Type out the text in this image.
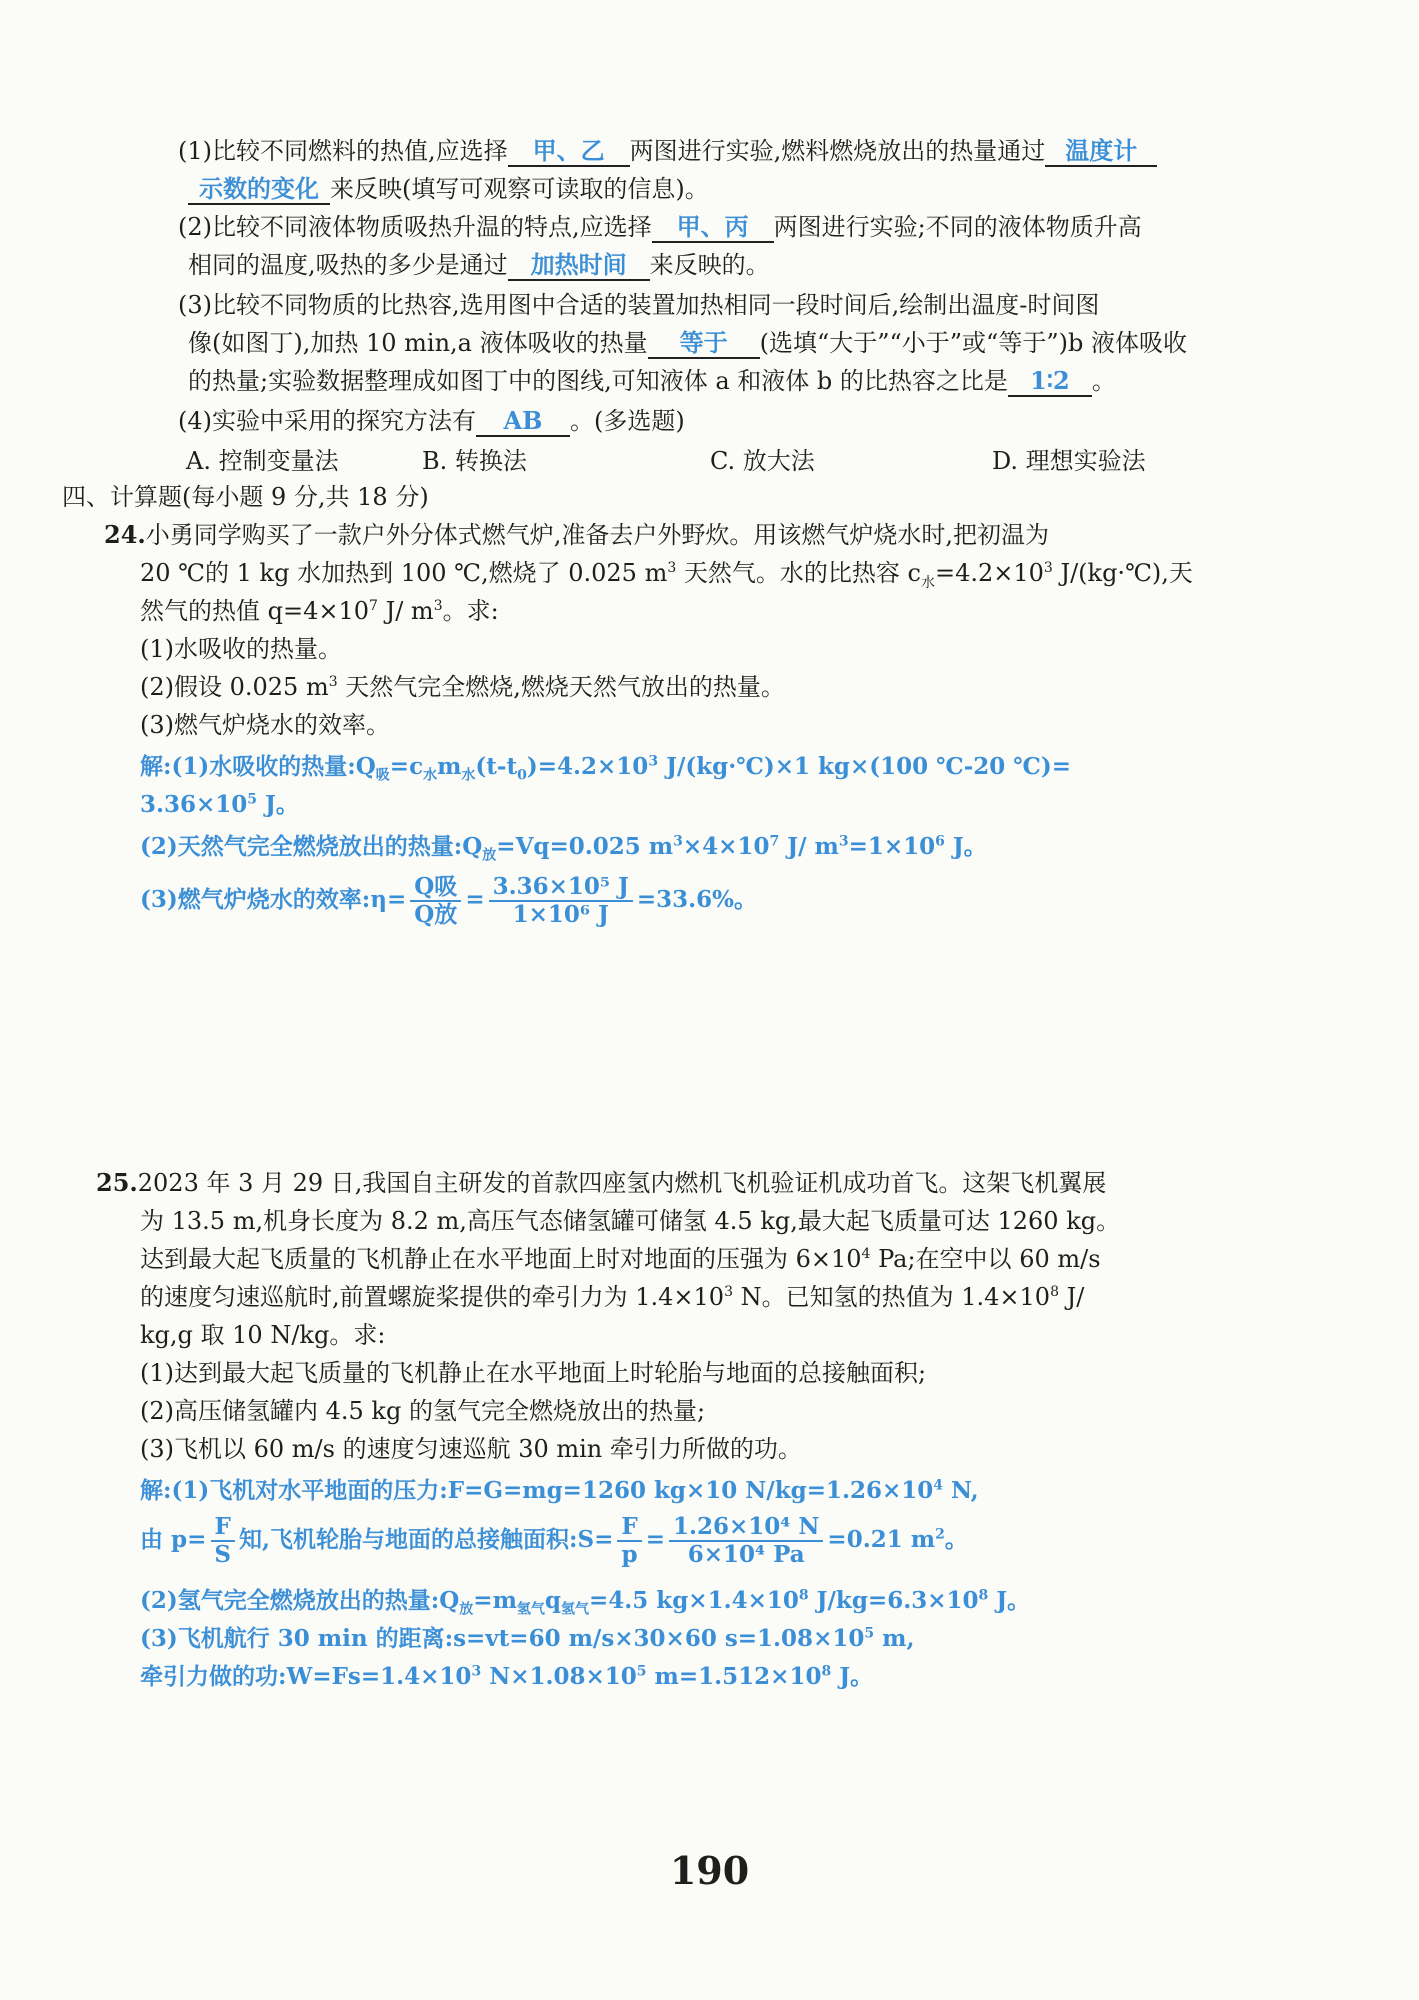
(1)比较不同燃料的热值,应选择 甲、乙 两图进行实验,燃料燃烧放出的热量通过 温度计
示数的变化 来反映(填写可观察可读取的信息)。
(2)比较不同液体物质吸热升温的特点,应选择 甲、丙 两图进行实验;不同的液体物质升高
相同的温度,吸热的多少是通过 加热时间 来反映的。
(3)比较不同物质的比热容,选用图中合适的装置加热相同一段时间后,绘制出温度-时间图
像(如图丁),加热 10 min,a 液体吸收的热量 等于 (选填“大于”“小于”或“等于”)b 液体吸收
的热量;实验数据整理成如图丁中的图线,可知液体 a 和液体 b 的比热容之比是 1∶2 。
(4)实验中采用的探究方法有 AB 。(多选题)
A. 控制变量法	B. 转换法	C. 放大法	D. 理想实验法
四、计算题(每小题 9 分,共 18 分)
24.小勇同学购买了一款户外分体式燃气炉,准备去户外野炊。用该燃气炉烧水时,把初温为
20 ℃的 1 kg 水加热到 100 ℃,燃烧了 0.025 $m^3$ 天然气。水的比热容 $c_水=4.2\times 10^3$ J/(kg·℃),天
然气的热值 $q=4\times 10^7$ J/ $m^3$。求:
(1)水吸收的热量。
(2)假设 0.025 $m^3$ 天然气完全燃烧,燃烧天然气放出的热量。
(3)燃气炉烧水的效率。
解:(1)水吸收的热量$:Q_吸=c_水m_水(t-t_0)=4.2\times 10^3$ J/(kg·℃)×1 kg×(100 ℃-20 ℃)=
$3.36\times 10^5$ J。
(2)天然气完全燃烧放出的热量$:Q_放=Vq=0.025$ $m^3\times 4\times 10^7$ J/ $m^3=1\times 10^6$ J。
(3)燃气炉烧水的效率:η= $\frac{\text{Q吸}}{\text{Q放}} = \frac{\text{3.36×10⁵ J}}{\text{1×10⁶ J}} =33.6\%$。
25.2023 年 3 月 29 日,我国自主研发的首款四座氢内燃机飞机验证机成功首飞。这架飞机翼展
为 13.5 m,机身长度为 8.2 m,高压气态储氢罐可储氢 4.5 kg,最大起飞质量可达 1260 kg。
达到最大起飞质量的飞机静止在水平地面上时对地面的压强为 $6\times 10^4$ Pa;在空中以 60 m/s
的速度匀速巡航时,前置螺旋桨提供的牵引力为 $1.4\times 10^3$ N。已知氢的热值为 $1.4\times 10^8$ J/
kg,g 取 10 N/kg。求:
(1)达到最大起飞质量的飞机静止在水平地面上时轮胎与地面的总接触面积;
(2)高压储氢罐内 4.5 kg 的氢气完全燃烧放出的热量;
(3)飞机以 60 m/s 的速度匀速巡航 30 min 牵引力所做的功。
解:(1)飞机对水平地面的压力:F=G=mg=1260 kg×10 $N/kg=1.26\times 10^4$ N,
由 $p= \frac{F}{S}$ 知,飞机轮胎与地面的总接触面积:S= $\frac{F}{p} = \frac{\text{1.26×10⁴ N}}{\text{6×10⁴ Pa}} =0.21$ $m^2$。
(2)氢气完全燃烧放出的热量$:Q_放=m_{氢气}q_{氢气}=4.5$ $kg\times 1.4\times 10^8$ $J/kg=6.3\times 10^8$ J。
(3)飞机航行 30 min 的距离:s=vt=60 m/s×30×60 $s=1.08\times 10^5$ m,
牵引力做的功$:W=Fs=1.4\times 10^3$ $N\times 1.08\times 10^5$ $m=1.512\times 10^8$ J。
190
